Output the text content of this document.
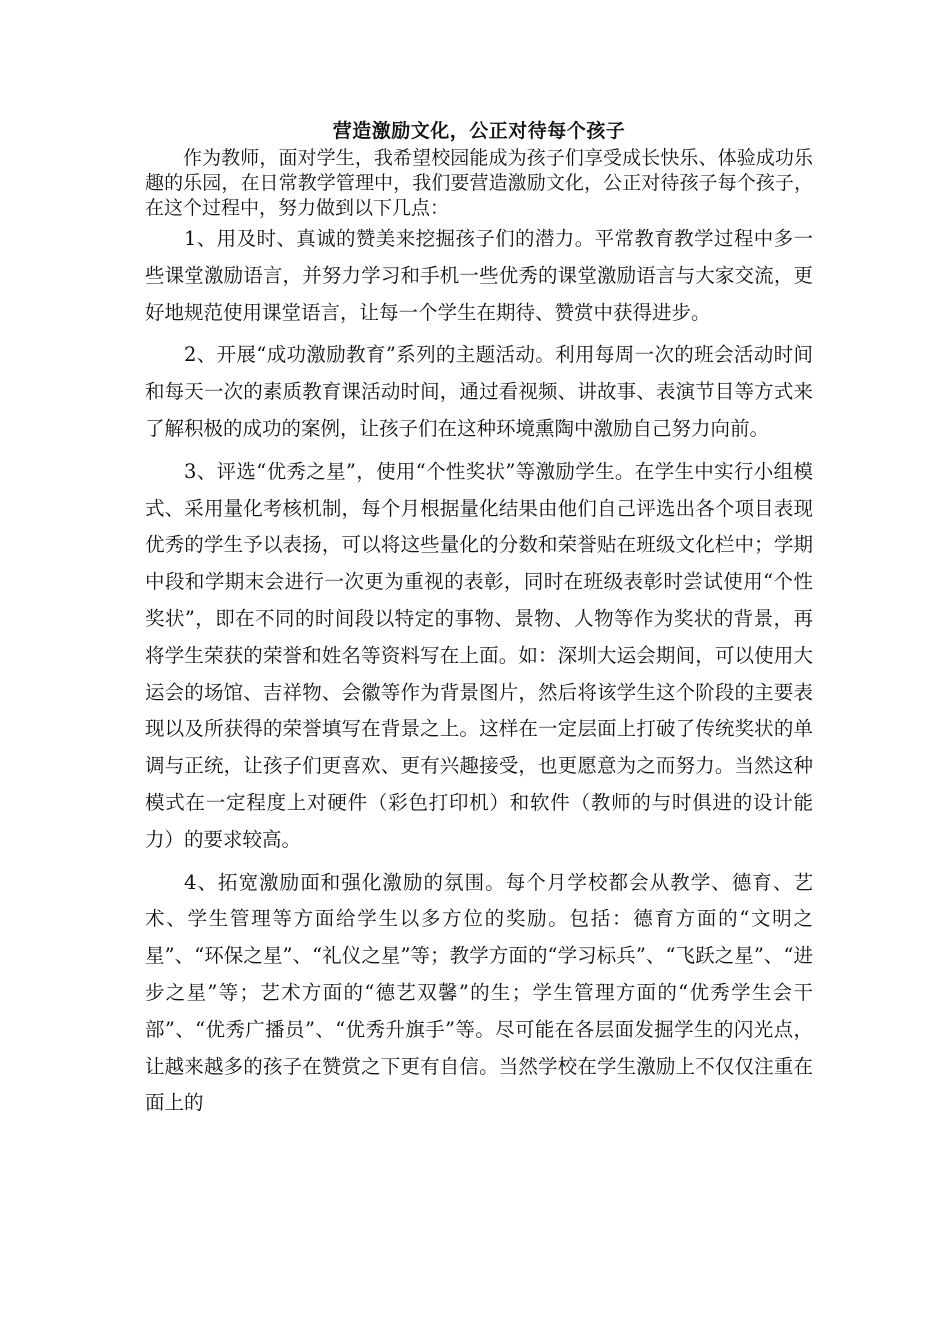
营造激励文化，公正对待每个孩子

作为教师，面对学生，我希望校园能成为孩子们享受成长快乐、体验成功乐趣的乐园，在日常教学管理中，我们要营造激励文化，公正对待孩子每个孩子，在这个过程中，努力做到以下几点：

1、用及时、真诚的赞美来挖掘孩子们的潜力。平常教育教学过程中多一些课堂激励语言，并努力学习和手机一些优秀的课堂激励语言与大家交流，更好地规范使用课堂语言，让每一个学生在期待、赞赏中获得进步。

2、开展“成功激励教育”系列的主题活动。利用每周一次的班会活动时间和每天一次的素质教育课活动时间，通过看视频、讲故事、表演节目等方式来了解积极的成功的案例，让孩子们在这种环境熏陶中激励自己努力向前。

3、评选“优秀之星”，使用“个性奖状”等激励学生。在学生中实行小组模式、采用量化考核机制，每个月根据量化结果由他们自己评选出各个项目表现优秀的学生予以表扬，可以将这些量化的分数和荣誉贴在班级文化栏中；学期中段和学期末会进行一次更为重视的表彰，同时在班级表彰时尝试使用“个性奖状”，即在不同的时间段以特定的事物、景物、人物等作为奖状的背景，再将学生荣获的荣誉和姓名等资料写在上面。如：深圳大运会期间，可以使用大运会的场馆、吉祥物、会徽等作为背景图片，然后将该学生这个阶段的主要表现以及所获得的荣誉填写在背景之上。这样在一定层面上打破了传统奖状的单调与正统，让孩子们更喜欢、更有兴趣接受，也更愿意为之而努力。当然这种模式在一定程度上对硬件（彩色打印机）和软件（教师的与时俱进的设计能力）的要求较高。

4、拓宽激励面和强化激励的氛围。每个月学校都会从教学、德育、艺术、学生管理等方面给学生以多方位的奖励。包括：德育方面的“文明之星”、“环保之星”、“礼仪之星”等；教学方面的“学习标兵”、“飞跃之星”、“进步之星”等；艺术方面的“德艺双馨”的生；学生管理方面的“优秀学生会干部”、“优秀广播员”、“优秀升旗手”等。尽可能在各层面发掘学生的闪光点，让越来越多的孩子在赞赏之下更有自信。当然学校在学生激励上不仅仅注重在面上的
